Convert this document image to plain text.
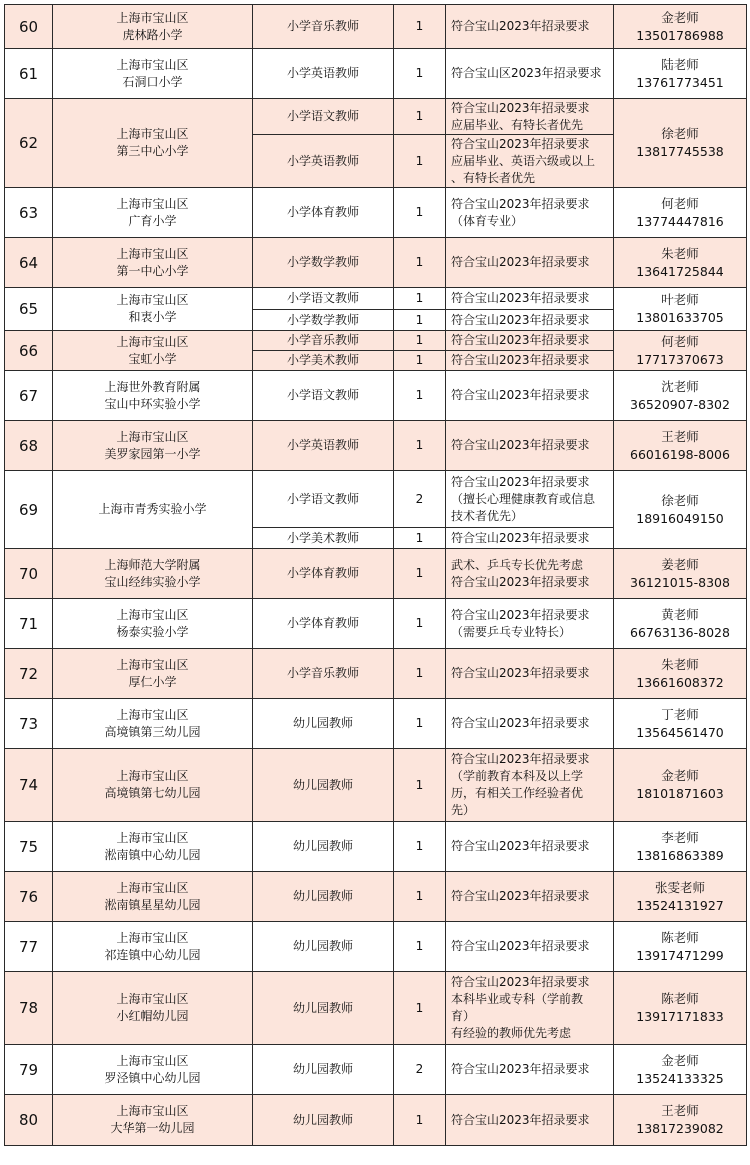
60	上海市宝山区
虎林路小学	小学音乐教师	1	符合宝山2023年招录要求	金老师
13501786988

61	上海市宝山区
石洞口小学	小学英语教师	1	符合宝山区2023年招录要求	陆老师
13761773451

62	上海市宝山区
第三中心小学	小学语文教师	1	符合宝山2023年招录要求
应届毕业、有特长者优先	徐老师
13817745538

		小学英语教师	1	符合宝山2023年招录要求
应届毕业、英语六级或以上
、有特长者优先	

63	上海市宝山区
广育小学	小学体育教师	1	符合宝山2023年招录要求
（体育专业）	何老师
13774447816

64	上海市宝山区
第一中心小学	小学数学教师	1	符合宝山2023年招录要求	朱老师
13641725844

65	上海市宝山区
和衷小学	小学语文教师	1	符合宝山2023年招录要求	叶老师
13801633705

		小学数学教师	1	符合宝山2023年招录要求	

66	上海市宝山区
宝虹小学	小学音乐教师	1	符合宝山2023年招录要求	何老师
17717370673

		小学美术教师	1	符合宝山2023年招录要求	

67	上海世外教育附属
宝山中环实验小学	小学语文教师	1	符合宝山2023年招录要求	沈老师
36520907-8302

68	上海市宝山区
美罗家园第一小学	小学英语教师	1	符合宝山2023年招录要求	王老师
66016198-8006

69	上海市青秀实验小学	小学语文教师	2	符合宝山2023年招录要求
（擅长心理健康教育或信息
技术者优先）	徐老师
18916049150

		小学美术教师	1	符合宝山2023年招录要求	

70	上海师范大学附属
宝山经纬实验小学	小学体育教师	1	武术、乒乓专长优先考虑
符合宝山2023年招录要求	姜老师
36121015-8308

71	上海市宝山区
杨泰实验小学	小学体育教师	1	符合宝山2023年招录要求
（需要乒乓专业特长）	黄老师
66763136-8028

72	上海市宝山区
厚仁小学	小学音乐教师	1	符合宝山2023年招录要求	朱老师
13661608372

73	上海市宝山区
高境镇第三幼儿园	幼儿园教师	1	符合宝山2023年招录要求	丁老师
13564561470

74	上海市宝山区
高境镇第七幼儿园	幼儿园教师	1	符合宝山2023年招录要求
（学前教育本科及以上学
历，有相关工作经验者优
先）	金老师
18101871603

75	上海市宝山区
淞南镇中心幼儿园	幼儿园教师	1	符合宝山2023年招录要求	李老师
13816863389

76	上海市宝山区
淞南镇星星幼儿园	幼儿园教师	1	符合宝山2023年招录要求	张雯老师
13524131927

77	上海市宝山区
祁连镇中心幼儿园	幼儿园教师	1	符合宝山2023年招录要求	陈老师
13917471299

78	上海市宝山区
小红帽幼儿园	幼儿园教师	1	符合宝山2023年招录要求
本科毕业或专科（学前教
育）
有经验的教师优先考虑	陈老师
13917171833

79	上海市宝山区
罗泾镇中心幼儿园	幼儿园教师	2	符合宝山2023年招录要求	金老师
13524133325

80	上海市宝山区
大华第一幼儿园	幼儿园教师	1	符合宝山2023年招录要求	王老师
13817239082
